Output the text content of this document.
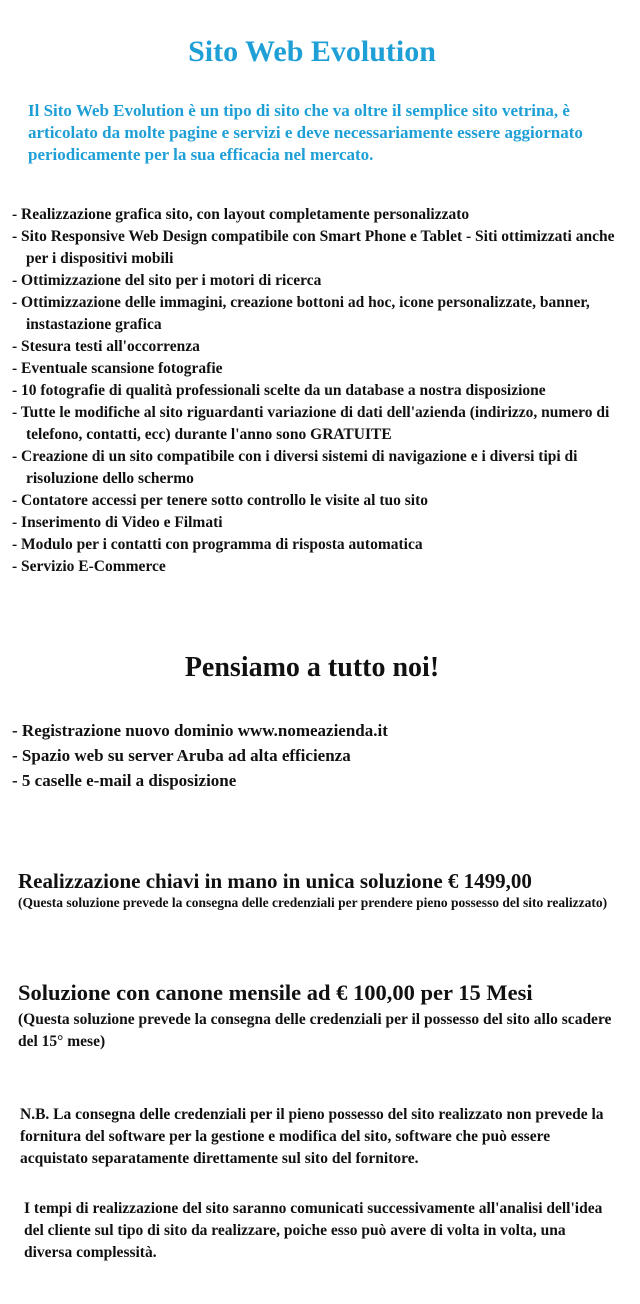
Sito Web Evolution

Il Sito Web Evolution è un tipo di sito che va oltre il semplice sito vetrina, è articolato da molte pagine e servizi e deve necessariamente essere aggiornato periodicamente per la sua efficacia nel mercato.

- Realizzazione grafica sito, con layout completamente personalizzato
- Sito Responsive Web Design compatibile con Smart Phone e Tablet - Siti ottimizzati anche per i dispositivi mobili
- Ottimizzazione del sito per i motori di ricerca
- Ottimizzazione delle immagini, creazione bottoni ad hoc, icone personalizzate, banner, instastazione grafica
- Stesura testi all'occorrenza
- Eventuale scansione fotografie
- 10 fotografie di qualità professionali scelte da un database a nostra disposizione
- Tutte le modifiche al sito riguardanti variazione di dati dell'azienda (indirizzo, numero di telefono, contatti, ecc) durante l'anno sono GRATUITE
- Creazione di un sito compatibile con i diversi sistemi di navigazione e i diversi tipi di risoluzione dello schermo
- Contatore accessi per tenere sotto controllo le visite al tuo sito
- Inserimento di Video e Filmati
- Modulo per i contatti con programma di risposta automatica
- Servizio E-Commerce
Pensiamo a tutto noi!
- Registrazione nuovo dominio www.nomeazienda.it
- Spazio web su server Aruba ad alta efficienza
- 5 caselle e-mail a disposizione
Realizzazione chiavi in mano in unica soluzione € 1499,00

(Questa soluzione prevede la consegna delle credenziali per prendere pieno possesso del sito realizzato)

Soluzione con canone mensile ad € 100,00 per 15 Mesi

(Questa soluzione prevede la consegna delle credenziali per il possesso del sito allo scadere del 15° mese)

N.B. La consegna delle credenziali per il pieno possesso del sito realizzato non prevede la fornitura del software per la gestione e modifica del sito, software che può essere acquistato separatamente direttamente sul sito del fornitore.

I tempi di realizzazione del sito saranno comunicati successivamente all'analisi dell'idea del cliente sul tipo di sito da realizzare, poiche esso può avere di volta in volta, una diversa complessità.
